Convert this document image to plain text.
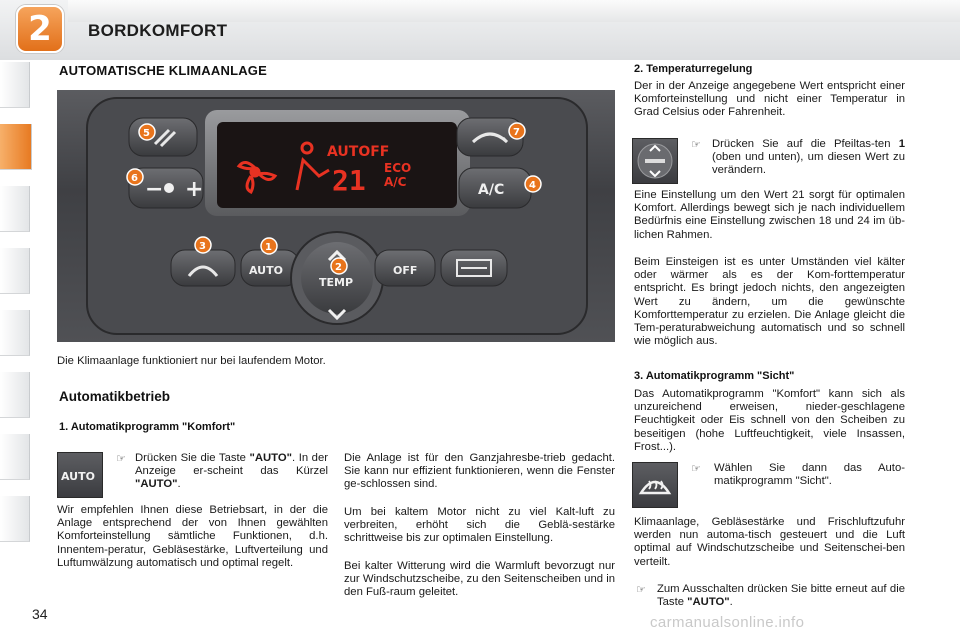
2	BORDKOMFORT
AUTOMATISCHE KLIMAANLAGE
AUTOFF
ECO
A/C
21
− +	A/C
AUTO
TEMP
OFF
5
6
7
4
3	1
2
Die Klimaanlage funktioniert nur bei laufendem Motor.
Automatikbetrieb
1. Automatikprogramm "Komfort"
AUTO
☞ Drücken Sie die Taste "AUTO". In der Anzeige er-scheint das Kürzel "AUTO".
Wir empfehlen Ihnen diese Betriebsart, in der die Anlage entsprechend der von Ihnen gewählten Komforteinstellung sämtliche Funktionen, d.h. Innentem-peratur, Gebläsestärke, Luftverteilung und Luftumwälzung automatisch und optimal regelt.
Die Anlage ist für den Ganzjahresbe-trieb gedacht. Sie kann nur effizient funktionieren, wenn die Fenster ge-schlossen sind.
Um bei kaltem Motor nicht zu viel Kalt-luft zu verbreiten, erhöht sich die Geblä-sestärke schrittweise bis zur optimalen Einstellung.
Bei kalter Witterung wird die Warmluft bevorzugt nur zur Windschutzscheibe, zu den Seitenscheiben und in den Fuß-raum geleitet.
2. Temperaturregelung
Der in der Anzeige angegebene Wert entspricht einer Komforteinstellung und nicht einer Temperatur in Grad Celsius oder Fahrenheit.
☞ Drücken Sie auf die Pfeiltas-ten 1 (oben und unten), um diesen Wert zu verändern.
Eine Einstellung um den Wert 21 sorgt für optimalen Komfort. Allerdings bewegt sich je nach individuellem Bedürfnis eine Einstellung zwischen 18 und 24 im üb-lichen Rahmen.
Beim Einsteigen ist es unter Umständen viel kälter oder wärmer als es der Kom-forttemperatur entspricht. Es bringt jedoch nichts, den angezeigten Wert zu ändern, um die gewünschte Komforttemperatur zu erzielen. Die Anlage gleicht die Tem-peraturabweichung automatisch und so schnell wie möglich aus.
3. Automatikprogramm "Sicht"
Das Automatikprogramm "Komfort" kann sich als unzureichend erweisen, nieder-geschlagene Feuchtigkeit oder Eis schnell von den Scheiben zu beseitigen (hohe Luftfeuchtigkeit, viele Insassen, Frost...).
☞ Wählen Sie dann das Auto-matikprogramm "Sicht".
Klimaanlage, Gebläsestärke und Frischluftzufuhr werden nun automa-tisch gesteuert und die Luft optimal auf Windschutzscheibe und Seitenschei-ben verteilt.
☞ Zum Ausschalten drücken Sie bitte erneut auf die Taste "AUTO".
34	carmanualsonline.info
